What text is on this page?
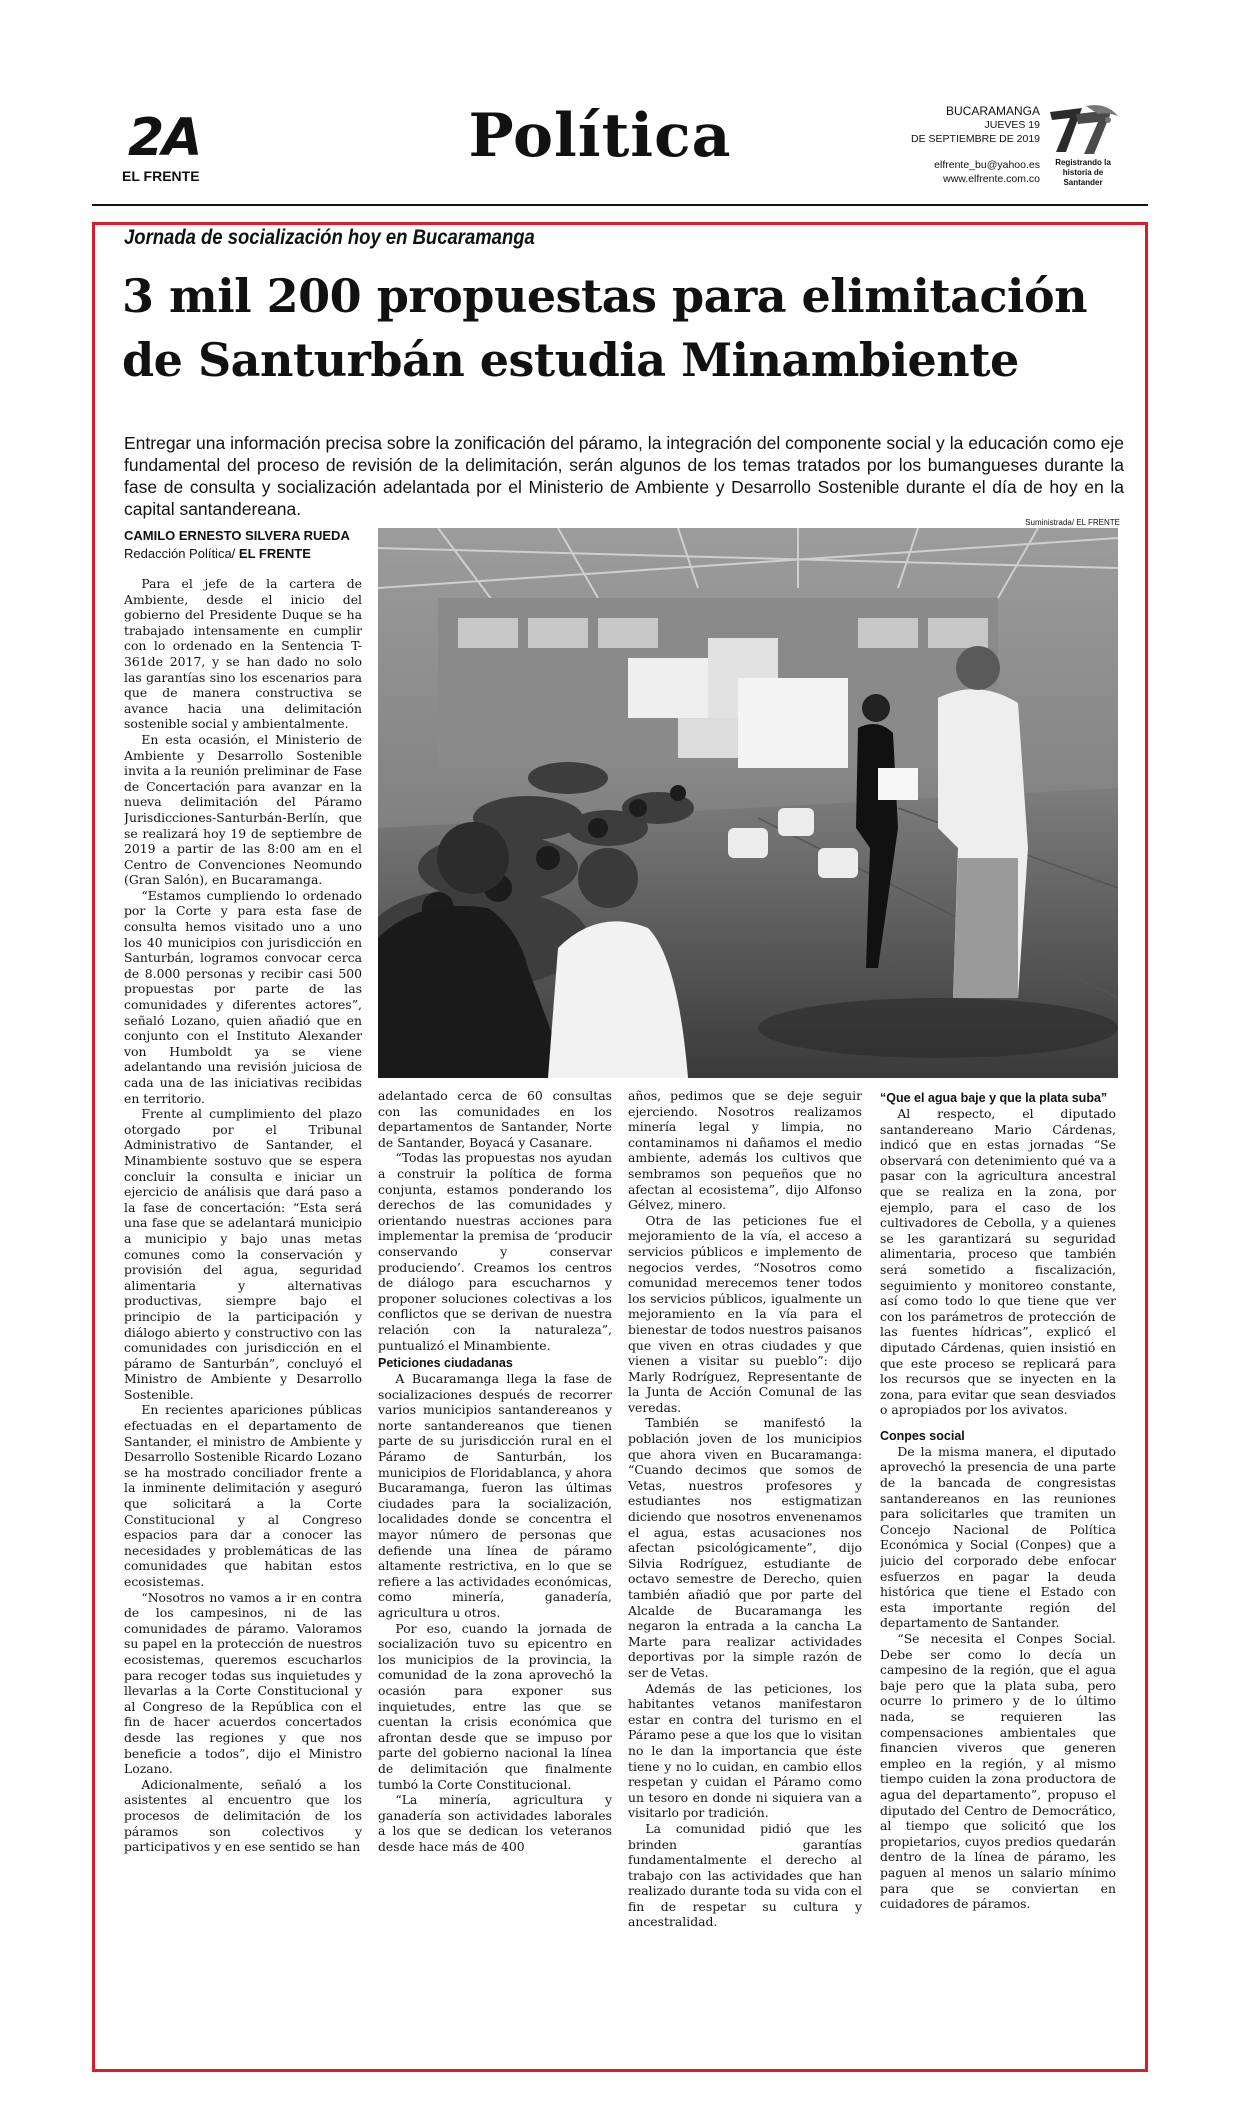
2A
EL FRENTE
Política	BUCARAMANGA
JUEVES 19
DE SEPTIEMBRE DE 2019
elfrente_bu@yahoo.es
www.elfrente.com.co
Registrando la historia de Santander
Jornada de socialización hoy en Bucaramanga
3 mil 200 propuestas para elimitación de Santurbán estudia Minambiente
Entregar una información precisa sobre la zonificación del páramo, la integración del componente social y la educación como eje fundamental del proceso de revisión de la delimitación, serán algunos de los temas tratados por los bumangueses durante la fase de consulta y socialización adelantada por el Ministerio de Ambiente y Desarrollo Sostenible durante el día de hoy en la capital santandereana.
CAMILO ERNESTO SILVERA RUEDA
Redacción Política/ EL FRENTE
Suministrada/ EL FRENTE

Para el jefe de la cartera de Ambiente, desde el inicio del gobierno del Presidente Duque se ha trabajado intensamente en cumplir con lo ordenado en la Sentencia T-361de 2017, y se han dado no solo las garantías sino los escenarios para que de manera constructiva se avance hacia una delimitación sostenible social y ambientalmente.

En esta ocasión, el Ministerio de Ambiente y Desarrollo Sostenible invita a la reunión preliminar de Fase de Concertación para avanzar en la nueva delimitación del Páramo Jurisdicciones-Santurbán-Berlín, que se realizará hoy 19 de septiembre de 2019 a partir de las 8:00 am en el Centro de Convenciones Neomundo (Gran Salón), en Bucaramanga.

“Estamos cumpliendo lo ordenado por la Corte y para esta fase de consulta hemos visitado uno a uno los 40 municipios con jurisdicción en Santurbán, logramos convocar cerca de 8.000 personas y recibir casi 500 propuestas por parte de las comunidades y diferentes actores”, señaló Lozano, quien añadió que en conjunto con el Instituto Alexander von Humboldt ya se viene adelantando una revisión juiciosa de cada una de las iniciativas recibidas en territorio.

Frente al cumplimiento del plazo otorgado por el Tribunal Administrativo de Santander, el Minambiente sostuvo que se espera concluir la consulta e iniciar un ejercicio de análisis que dará paso a la fase de concertación: “Esta será una fase que se adelantará municipio a municipio y bajo unas metas comunes como la conservación y provisión del agua, seguridad alimentaria y alternativas productivas, siempre bajo el principio de la participación y diálogo abierto y constructivo con las comunidades con jurisdicción en el páramo de Santurbán”, concluyó el Ministro de Ambiente y Desarrollo Sostenible.

En recientes apariciones públicas efectuadas en el departamento de Santander, el ministro de Ambiente y Desarrollo Sostenible Ricardo Lozano se ha mostrado conciliador frente a la inminente delimitación y aseguró que solicitará a la Corte Constitucional y al Congreso espacios para dar a conocer las necesidades y problemáticas de las comunidades que habitan estos ecosistemas.

“Nosotros no vamos a ir en contra de los campesinos, ni de las comunidades de páramo. Valoramos su papel en la protección de nuestros ecosistemas, queremos escucharlos para recoger todas sus inquietudes y llevarlas a la Corte Constitucional y al Congreso de la República con el fin de hacer acuerdos concertados desde las regiones y que nos beneficie a todos”, dijo el Ministro Lozano.

Adicionalmente, señaló a los asistentes al encuentro que los procesos de delimitación de los páramos son colectivos y participativos y en ese sentido se han

adelantado cerca de 60 consultas con las comunidades en los departamentos de Santander, Norte de Santander, Boyacá y Casanare.

“Todas las propuestas nos ayudan a construir la política de forma conjunta, estamos ponderando los derechos de las comunidades y orientando nuestras acciones para implementar la premisa de ‘producir conservando y conservar produciendo’. Creamos los centros de diálogo para escucharnos y proponer soluciones colectivas a los conflictos que se derivan de nuestra relación con la naturaleza”, puntualizó el Minambiente.

Peticiones ciudadanas

A Bucaramanga llega la fase de socializaciones después de recorrer varios municipios santandereanos y norte santandereanos que tienen parte de su jurisdicción rural en el Páramo de Santurbán, los municipios de Floridablanca, y ahora Bucaramanga, fueron las últimas ciudades para la socialización, localidades donde se concentra el mayor número de personas que defiende una línea de páramo altamente restrictiva, en lo que se refiere a las actividades económicas, como minería, ganadería, agricultura u otros.

Por eso, cuando la jornada de socialización tuvo su epicentro en los municipios de la provincia, la comunidad de la zona aprovechó la ocasión para exponer sus inquietudes, entre las que se cuentan la crisis económica que afrontan desde que se impuso por parte del gobierno nacional la línea de delimitación que finalmente tumbó la Corte Constitucional.

“La minería, agricultura y ganadería son actividades laborales a los que se dedican los veteranos desde hace más de 400

años, pedimos que se deje seguir ejerciendo. Nosotros realizamos minería legal y limpia, no contaminamos ni dañamos el medio ambiente, además los cultivos que sembramos son pequeños que no afectan al ecosistema”, dijo Alfonso Gélvez, minero.

Otra de las peticiones fue el mejoramiento de la vía, el acceso a servicios públicos e implemento de negocios verdes, “Nosotros como comunidad merecemos tener todos los servicios públicos, igualmente un mejoramiento en la vía para el bienestar de todos nuestros paisanos que viven en otras ciudades y que vienen a visitar su pueblo”: dijo Marly Rodríguez, Representante de la Junta de Acción Comunal de las veredas.

También se manifestó la población joven de los municipios que ahora viven en Bucaramanga: “Cuando decimos que somos de Vetas, nuestros profesores y estudiantes nos estigmatizan diciendo que nosotros envenenamos el agua, estas acusaciones nos afectan psicológicamente”, dijo Silvia Rodríguez, estudiante de octavo semestre de Derecho, quien también añadió que por parte del Alcalde de Bucaramanga les negaron la entrada a la cancha La Marte para realizar actividades deportivas por la simple razón de ser de Vetas.

Además de las peticiones, los habitantes vetanos manifestaron estar en contra del turismo en el Páramo pese a que los que lo visitan no le dan la importancia que éste tiene y no lo cuidan, en cambio ellos respetan y cuidan el Páramo como un tesoro en donde ni siquiera van a visitarlo por tradición.

La comunidad pidió que les brinden garantías fundamentalmente el derecho al trabajo con las actividades que han realizado durante toda su vida con el fin de respetar su cultura y ancestralidad.

“Que el agua baje y que la plata suba”

Al respecto, el diputado santandereano Mario Cárdenas, indicó que en estas jornadas “Se observará con detenimiento qué va a pasar con la agricultura ancestral que se realiza en la zona, por ejemplo, para el caso de los cultivadores de Cebolla, y a quienes se les garantizará su seguridad alimentaria, proceso que también será sometido a fiscalización, seguimiento y monitoreo constante, así como todo lo que tiene que ver con los parámetros de protección de las fuentes hídricas”, explicó el diputado Cárdenas, quien insistió en que este proceso se replicará para los recursos que se inyecten en la zona, para evitar que sean desviados o apropiados por los avivatos.

Conpes social

De la misma manera, el diputado aprovechó la presencia de una parte de la bancada de congresistas santandereanos en las reuniones para solicitarles que tramiten un Concejo Nacional de Política Económica y Social (Conpes) que a juicio del corporado debe enfocar esfuerzos en pagar la deuda histórica que tiene el Estado con esta importante región del departamento de Santander.

“Se necesita el Conpes Social. Debe ser como lo decía un campesino de la región, que el agua baje pero que la plata suba, pero ocurre lo primero y de lo último nada, se requieren las compensaciones ambientales que financien viveros que generen empleo en la región, y al mismo tiempo cuiden la zona productora de agua del departamento”, propuso el diputado del Centro de Democrático, al tiempo que solicitó que los propietarios, cuyos predios quedarán dentro de la línea de páramo, les paguen al menos un salario mínimo para que se conviertan en cuidadores de páramos.
